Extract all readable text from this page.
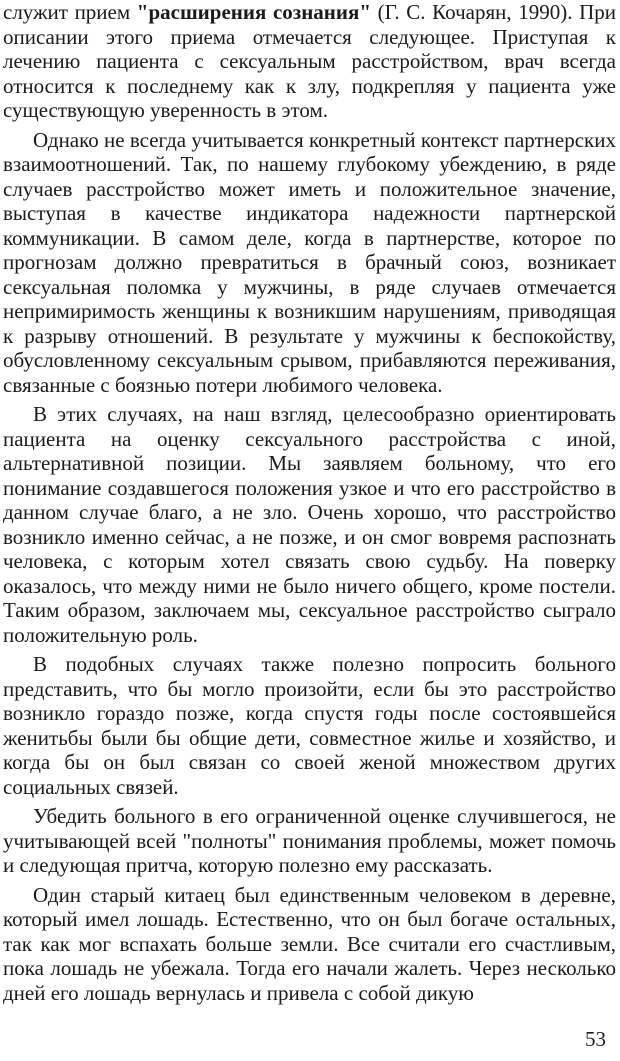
служит прием "расширения сознания" (Г. С. Кочарян, 1990). При описании этого приема отмечается следующее. Приступая к лечению пациента с сексуальным расстройством, врач всегда относится к последнему как к злу, подкрепляя у пациента уже существующую уверенность в этом.

Однако не всегда учитывается конкретный контекст партнерских взаимоотношений. Так, по нашему глубокому убеждению, в ряде случаев расстройство может иметь и положительное значение, выступая в качестве индикатора надежности партнерской коммуникации. В самом деле, когда в партнерстве, которое по прогнозам должно превратиться в брачный союз, возникает сексуальная поломка у мужчины, в ряде случаев отмечается непримиримость женщины к возникшим нарушениям, приводящая к разрыву отношений. В результате у мужчины к беспокойству, обусловленному сексуальным срывом, прибавляются переживания, связанные с боязнью потери любимого человека.

В этих случаях, на наш взгляд, целесообразно ориентировать пациента на оценку сексуального расстройства с иной, альтернативной позиции. Мы заявляем больному, что его понимание создавшегося положения узкое и что его расстройство в данном случае благо, а не зло. Очень хорошо, что расстройство возникло именно сейчас, а не позже, и он смог вовремя распознать человека, с которым хотел связать свою судьбу. На поверку оказалось, что между ними не было ничего общего, кроме постели. Таким образом, заключаем мы, сексуальное расстройство сыграло положительную роль.

В подобных случаях также полезно попросить больного представить, что бы могло произойти, если бы это расстройство возникло гораздо позже, когда спустя годы после состоявшейся женитьбы были бы общие дети, совместное жилье и хозяйство, и когда бы он был связан со своей женой множеством других социальных связей.

Убедить больного в его ограниченной оценке случившегося, не учитывающей всей "полноты" понимания проблемы, может помочь и следующая притча, которую полезно ему рассказать.

Один старый китаец был единственным человеком в деревне, который имел лошадь. Естественно, что он был богаче остальных, так как мог вспахать больше земли. Все считали его счастливым, пока лошадь не убежала. Тогда его начали жалеть. Через несколько дней его лошадь вернулась и привела с собой дикую

53
